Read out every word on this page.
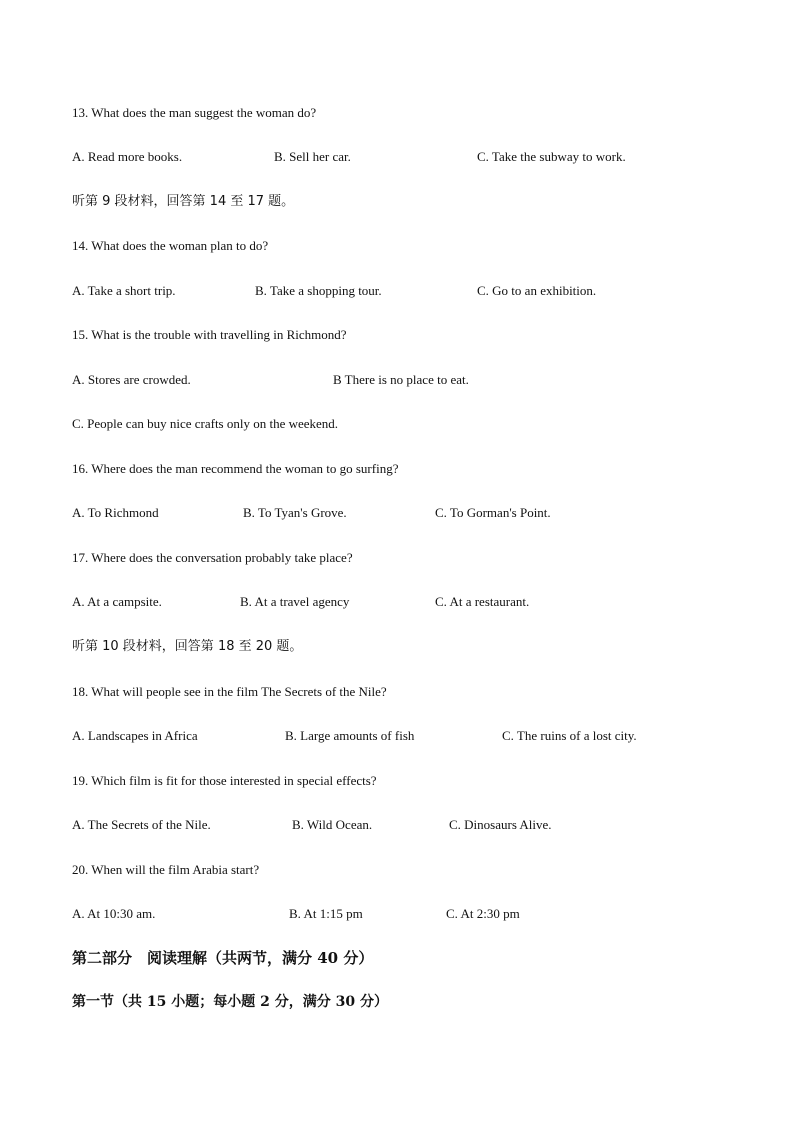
13. What does the man suggest the woman do?
A. Read more books.	B. Sell her car.	C. Take the subway to work.
听第 9 段材料，回答第 14 至 17 题。
14. What does the woman plan to do?
A. Take a short trip.	B. Take a shopping tour.	C. Go to an exhibition.
15. What is the trouble with travelling in Richmond?
A. Stores are crowded.	B There is no place to eat.
C. People can buy nice crafts only on the weekend.
16. Where does the man recommend the woman to go surfing?
A. To Richmond	B. To Tyan's Grove.	C. To Gorman's Point.
17. Where does the conversation probably take place?
A. At a campsite.	B. At a travel agency	C. At a restaurant.
听第 10 段材料，回答第 18 至 20 题。
18. What will people see in the film The Secrets of the Nile?
A. Landscapes in Africa	B. Large amounts of fish	C. The ruins of a lost city.
19. Which film is fit for those interested in special effects?
A. The Secrets of the Nile.	B. Wild Ocean.	C. Dinosaurs Alive.
20. When will the film Arabia start?
A. At 10:30 am.	B. At 1:15 pm	C. At 2:30 pm
第二部分　阅读理解（共两节，满分 40 分）
第一节（共 15 小题；每小题 2 分，满分 30 分）
